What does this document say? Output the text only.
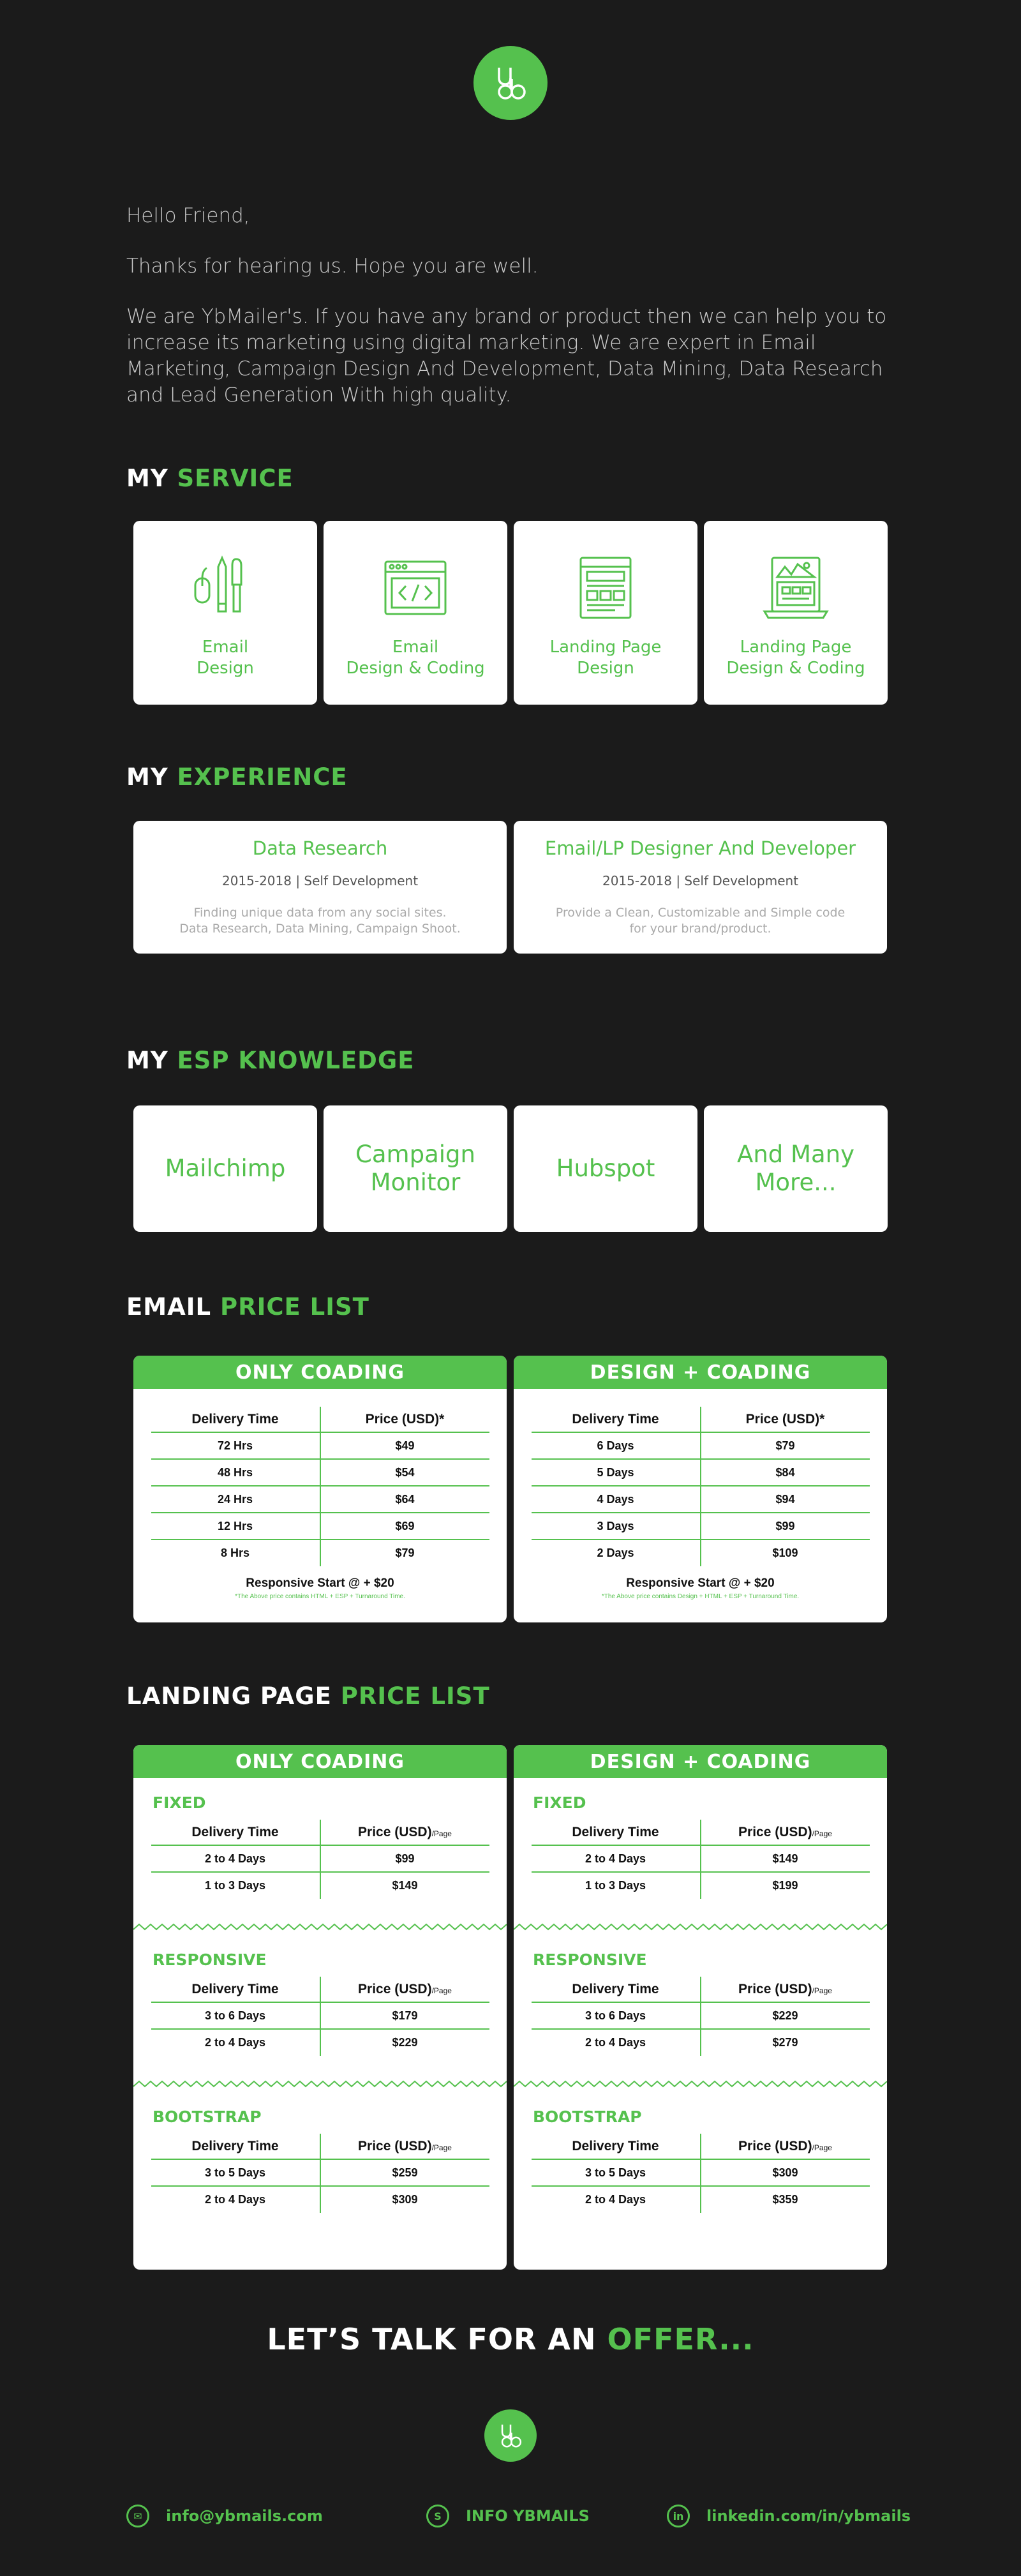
Hello Friend,

Thanks for hearing us. Hope you are well.

We are YbMailer's. If you have any brand or product then we can help you to increase its marketing using digital marketing. We are expert in Email Marketing, Campaign Design And Development, Data Mining, Data Research and Lead Generation With high quality.

MY SERVICE
Email
Design
Email
Design & Coding
Landing Page
Design
Landing Page
Design & Coding
MY EXPERIENCE
Data Research
2015-2018 | Self Development
Finding unique data from any social sites.
Data Research, Data Mining, Campaign Shoot.
Email/LP Designer And Developer
2015-2018 | Self Development
Provide a Clean, Customizable and Simple code
for your brand/product.
MY ESP KNOWLEDGE
Mailchimp
Campaign
Monitor
Hubspot
And Many
More...
EMAIL PRICE LIST
ONLY COADING
Delivery Time	Price (USD)*
72 Hrs	$49
48 Hrs	$54
24 Hrs	$64
12 Hrs	$69
8 Hrs	$79
Responsive Start @ + $20
*The Above price contains HTML + ESP + Turnaround Time.
DESIGN + COADING
Delivery Time	Price (USD)*
6 Days	$79
5 Days	$84
4 Days	$94
3 Days	$99
2 Days	$109
Responsive Start @ + $20
*The Above price contains Design + HTML + ESP + Turnaround Time.
LANDING PAGE PRICE LIST
ONLY COADING
FIXED
Delivery Time	Price (USD)/Page
2 to 4 Days	$99
1 to 3 Days	$149
RESPONSIVE
Delivery Time	Price (USD)/Page
3 to 6 Days	$179
2 to 4 Days	$229
BOOTSTRAP
Delivery Time	Price (USD)/Page
3 to 5 Days	$259
2 to 4 Days	$309
DESIGN + COADING
FIXED
Delivery Time	Price (USD)/Page
2 to 4 Days	$149
1 to 3 Days	$199
RESPONSIVE
Delivery Time	Price (USD)/Page
3 to 6 Days	$229
2 to 4 Days	$279
BOOTSTRAP
Delivery Time	Price (USD)/Page
3 to 5 Days	$309
2 to 4 Days	$359
LET’S TALK FOR AN OFFER...
✉	info@ybmails.com	S	INFO YBMAILS	in	linkedin.com/in/ybmails
